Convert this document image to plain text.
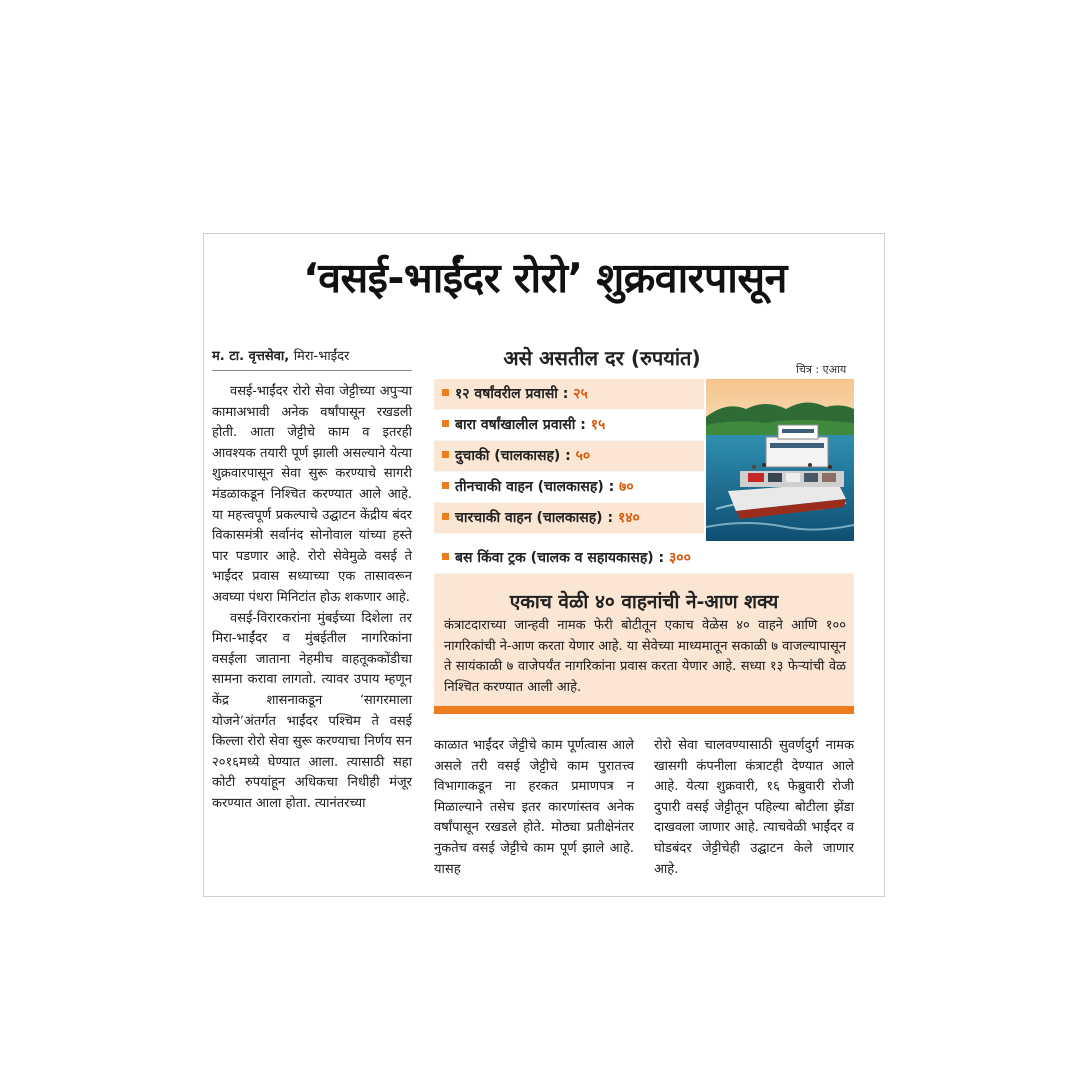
‘वसई-भाईंदर रोरो’ शुक्रवारपासून
म. टा. वृत्तसेवा, मिरा-भाईंदर

वसई-भाईंदर रोरो सेवा जेट्टीच्या अपुऱ्या कामाअभावी अनेक वर्षांपासून रखडली होती. आता जेट्टीचे काम व इतरही आवश्यक तयारी पूर्ण झाली असल्याने येत्या शुक्रवारपासून सेवा सुरू करण्याचे सागरी मंडळाकडून निश्चित करण्यात आले आहे. या महत्त्वपूर्ण प्रकल्पाचे उद्घाटन केंद्रीय बंदर विकासमंत्री सर्वानंद सोनोवाल यांच्या हस्ते पार पडणार आहे. रोरो सेवेमुळे वसई ते भाईंदर प्रवास सध्याच्या एक तासावरून अवघ्या पंधरा मिनिटांत होऊ शकणार आहे.

वसई-विरारकरांना मुंबईच्या दिशेला तर मिरा-भाईंदर व मुंबईतील नागरिकांना वसईला जाताना नेहमीच वाहतूककोंडीचा सामना करावा लागतो. त्यावर उपाय म्हणून केंद्र शासनाकडून ‘सागरमाला योजने’अंतर्गत भाईंदर पश्चिम ते वसई किल्ला रोरो सेवा सुरू करण्याचा निर्णय सन २०१६मध्ये घेण्यात आला. त्यासाठी सहा कोटी रुपयांहून अधिकचा निधीही मंजूर करण्यात आला होता. त्यानंतरच्या

असे असतील दर (रुपयांत)	चित्र : एआय
१२ वर्षांवरील प्रवासी : २५
बारा वर्षांखालील प्रवासी : १५
दुचाकी (चालकासह) : ५०
तीनचाकी वाहन (चालकासह) : ७०
चारचाकी वाहन (चालकासह) : १४०
बस किंवा ट्रक (चालक व सहायकासह) : ३००
एकाच वेळी ४० वाहनांची ने-आण शक्य
कंत्राटदाराच्या जान्हवी नामक फेरी बोटीतून एकाच वेळेस ४० वाहने आणि १०० नागरिकांची ने-आण करता येणार आहे. या सेवेच्या माध्यमातून सकाळी ७ वाजल्यापासून ते सायंकाळी ७ वाजेपर्यंत नागरिकांना प्रवास करता येणार आहे. सध्या १३ फेऱ्यांची वेळ निश्चित करण्यात आली आहे.

काळात भाईंदर जेट्टीचे काम पूर्णत्वास आले असले तरी वसई जेट्टीचे काम पुरातत्त्व विभागाकडून ना हरकत प्रमाणपत्र न मिळाल्याने तसेच इतर कारणांस्तव अनेक वर्षांपासून रखडले होते. मोठ्या प्रतीक्षेनंतर नुकतेच वसई जेट्टीचे काम पूर्ण झाले आहे. यासह

रोरो सेवा चालवण्यासाठी सुवर्णदुर्ग नामक खासगी कंपनीला कंत्राटही देण्यात आले आहे. येत्या शुक्रवारी, १६ फेब्रुवारी रोजी दुपारी वसई जेट्टीतून पहिल्या बोटीला झेंडा दाखवला जाणार आहे. त्याचवेळी भाईंदर व घोडबंदर जेट्टीचेही उद्घाटन केले जाणार आहे.
